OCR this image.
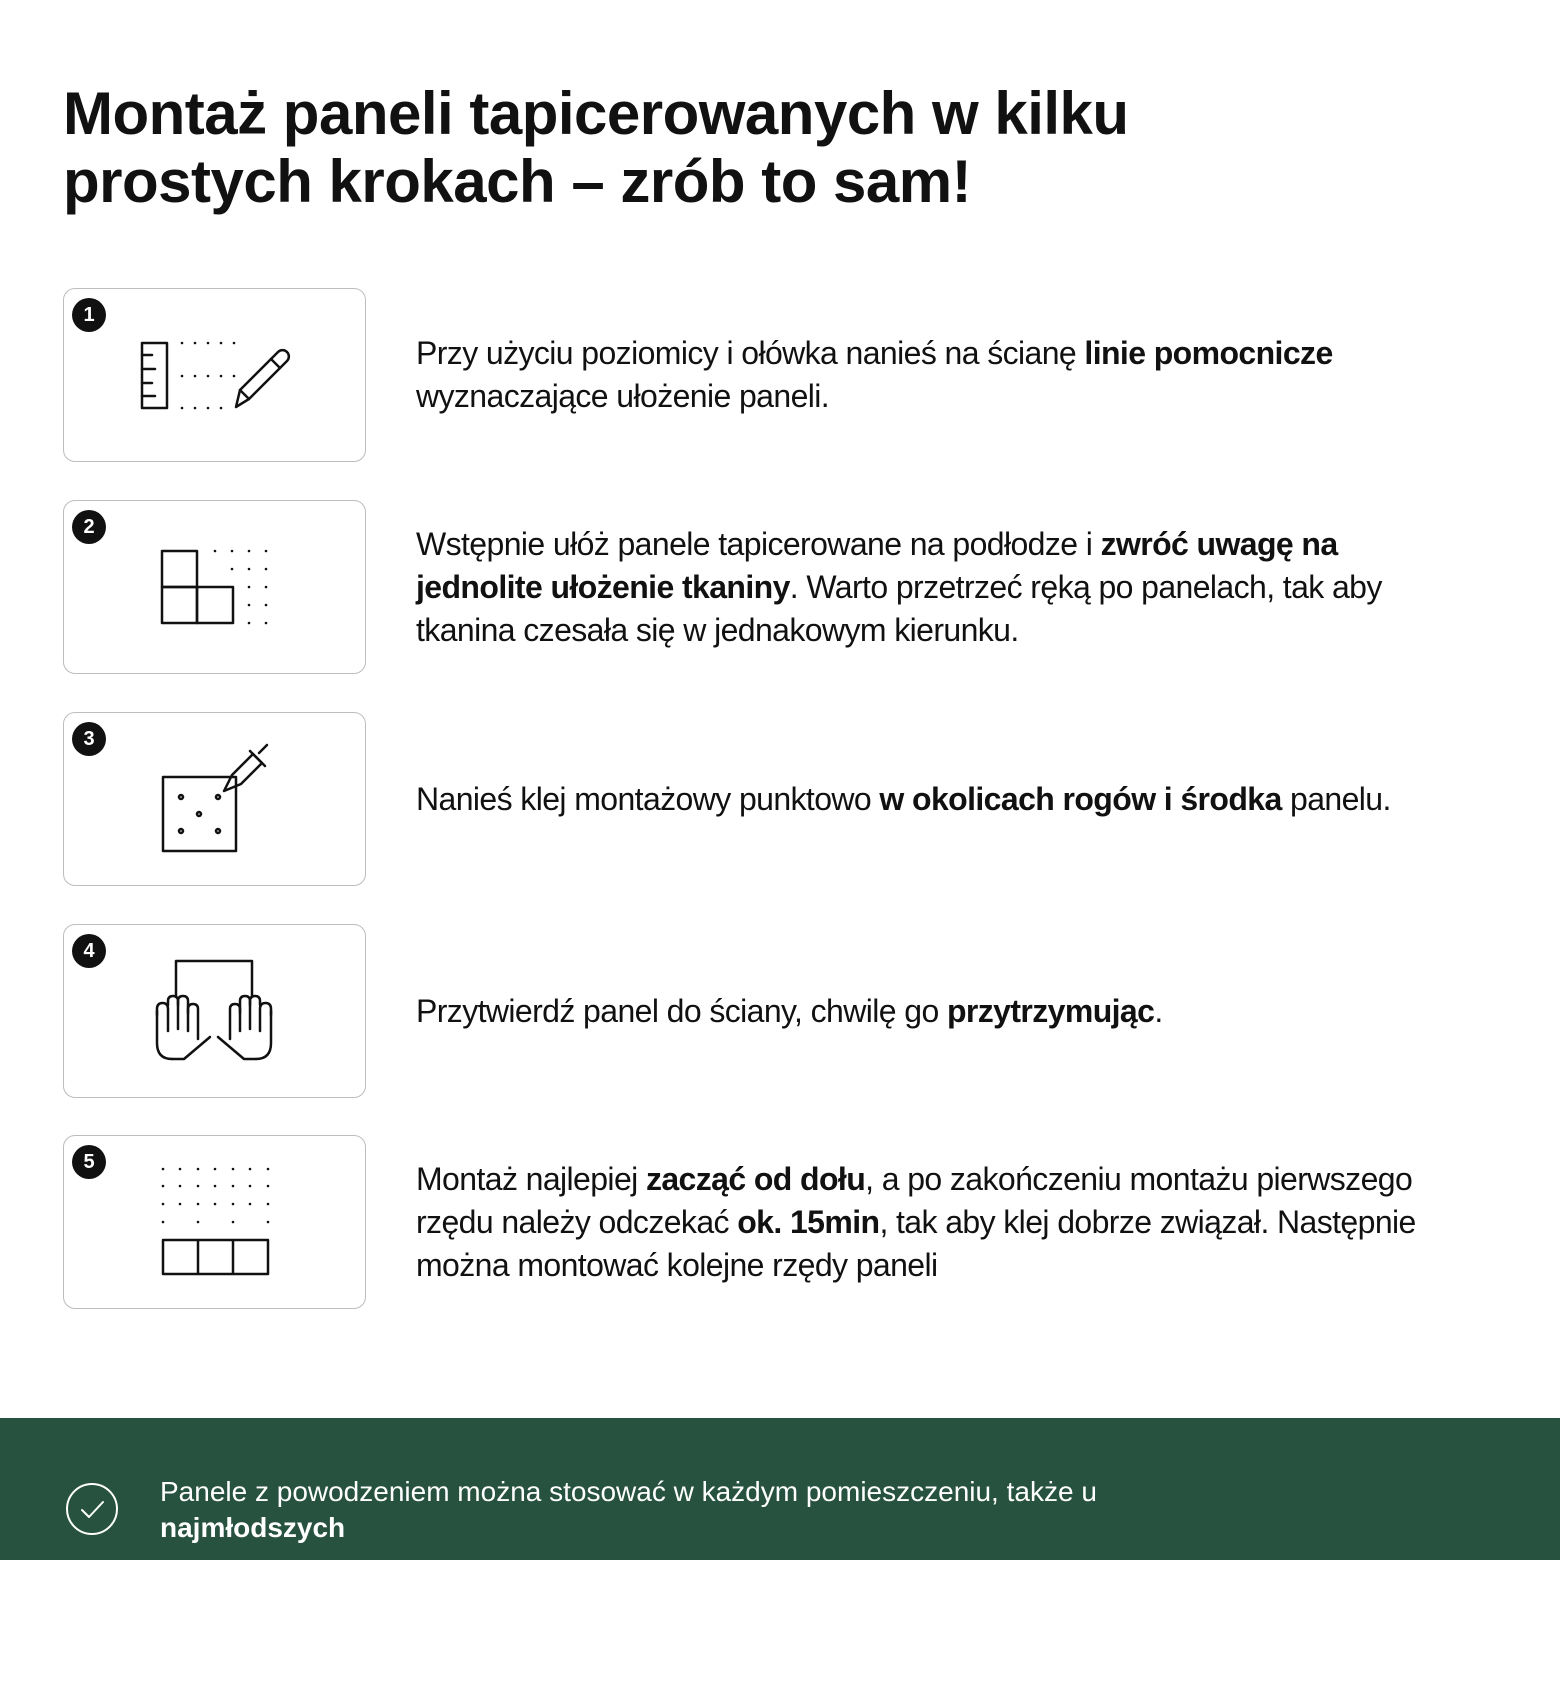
Montaż paneli tapicerowanych w kilku
prostych krokach – zrób to sam!
1

Przy użyciu poziomicy i ołówka nanieś na ścianę linie pomocnicze wyznaczające ułożenie paneli.

2	Wstępnie ułóż panele tapicerowane na podłodze i zwróć uwagę na jednolite ułożenie tkaniny. Warto przetrzeć ręką po panelach, tak aby tkanina czesała się w jednakowym kierunku.

3

Nanieś klej montażowy punktowo w okolicach rogów i środka panelu.

4

Przytwierdź panel do ściany, chwilę go przytrzymując.

5	Montaż najlepiej zacząć od dołu, a po zakończeniu montażu pierwszego rzędu należy odczekać ok. 15min, tak aby klej dobrze związał. Następnie można montować kolejne rzędy paneli

Panele z powodzeniem można stosować w każdym pomieszczeniu, także u
najmłodszych
.
Dodatkowo tkaniny są
odporne na zadrapania
przez domowe zwierzaki.
